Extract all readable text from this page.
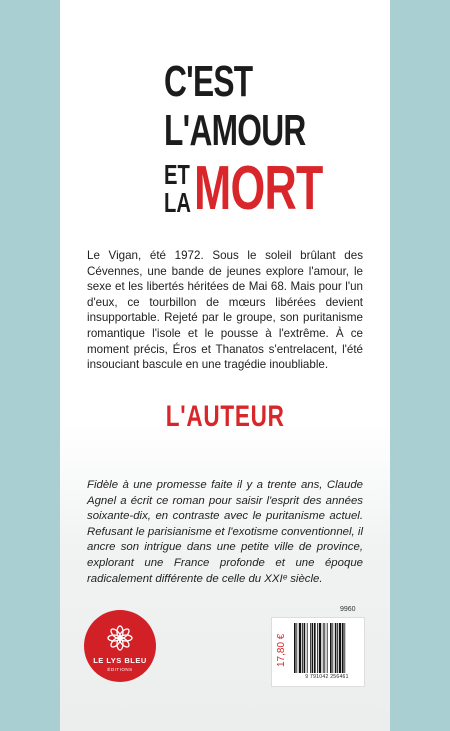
C'EST
L'AMOUR
ET
LA MORT

Le Vigan, été 1972. Sous le soleil brûlant des Cévennes, une bande de jeunes explore l'amour, le sexe et les libertés héritées de Mai 68. Mais pour l'un d'eux, ce tourbillon de mœurs libérées devient insupportable. Rejeté par le groupe, son puritanisme romantique l'isole et le pousse à l'extrême. À ce moment précis, Éros et Thanatos s'entrelacent, l'été insouciant bascule en une tragédie inoubliable.

L'AUTEUR

Fidèle à une promesse faite il y a trente ans, Claude Agnel a écrit ce roman pour saisir l'esprit des années soixante-dix, en contraste avec le puritanisme actuel. Refusant le parisianisme et l'exotisme conventionnel, il ancre son intrigue dans une petite ville de province, explorant une France profonde et une époque radicalement différente de celle du XXIᵉ siècle.

LE LYS BLEU
ÉDITIONS
9960
17,80 €
9 791042 256461
